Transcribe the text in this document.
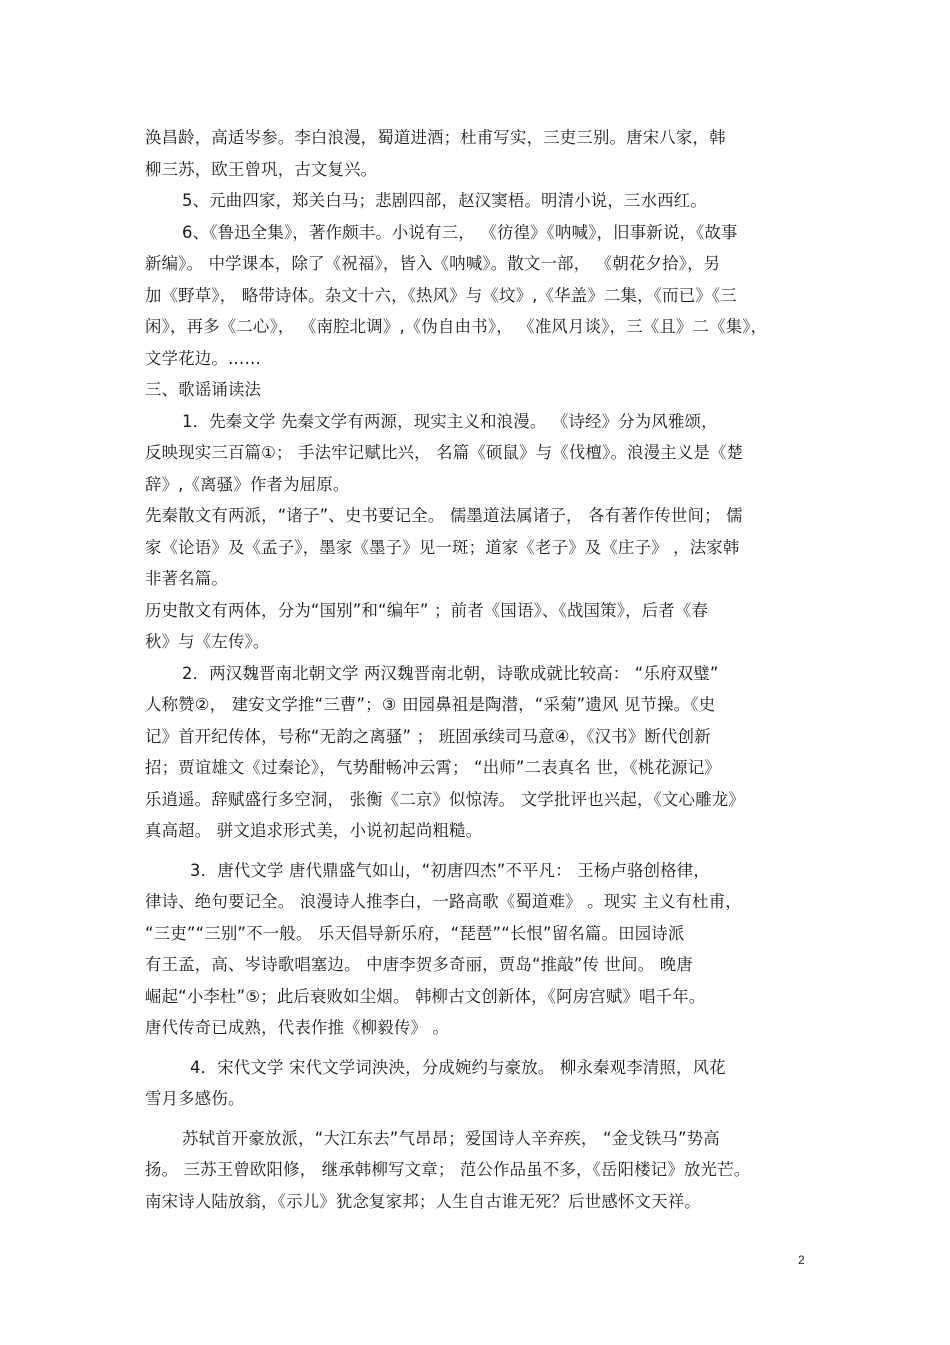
涣昌龄，高适岑参。李白浪漫，蜀道进酒；杜甫写实，三吏三别。唐宋八家，韩
柳三苏，欧王曾巩，古文复兴。
5、元曲四家，郑关白马；悲剧四部，赵汉窦梧。明清小说，三水西红。
6、《鲁迅全集》，著作颇丰。小说有三， 《彷徨》《呐喊》，旧事新说，《故事
新编》。 中学课本，除了《祝福》，皆入《呐喊》。散文一部， 《朝花夕拾》，另
加《野草》， 略带诗体。杂文十六，《热风》与《坟》,《华盖》二集，《而已》《三
闲》，再多《二心》， 《南腔北调》,《伪自由书》， 《准风月谈》，三《且》二《集》，
文学花边。……
三、歌谣诵读法
1．先秦文学 先秦文学有两源，现实主义和浪漫。 《诗经》分为风雅颂，
反映现实三百篇①； 手法牢记赋比兴， 名篇《硕鼠》与《伐檀》。浪漫主义是《楚
辞》,《离骚》作者为屈原。
先秦散文有两派，“诸子”、史书要记全。 儒墨道法属诸子， 各有著作传世间； 儒
家《论语》及《孟子》，墨家《墨子》见一斑；道家《老子》及《庄子》 ，法家韩
非著名篇。
历史散文有两体，分为“国别”和“编年” ；前者《国语》、《战国策》，后者《春
秋》与《左传》。
2．两汉魏晋南北朝文学 两汉魏晋南北朝，诗歌成就比较高： “乐府双璧”
人称赞②， 建安文学推“三曹”；③ 田园鼻祖是陶潜，“采菊”遗风 见节操。《史
记》首开纪传体，号称“无韵之离骚” ； 班固承续司马意④，《汉书》断代创新
招；贾谊雄文《过秦论》，气势酣畅冲云霄； “出师”二表真名 世，《桃花源记》
乐逍遥。辞赋盛行多空洞， 张衡《二京》似惊涛。 文学批评也兴起，《文心雕龙》
真高超。 骈文追求形式美，小说初起尚粗糙。
3．唐代文学 唐代鼎盛气如山，“初唐四杰”不平凡： 王杨卢骆创格律，
律诗、绝句要记全。 浪漫诗人推李白，一路高歌《蜀道难》 。现实 主义有杜甫，
“三吏”“三别”不一般。 乐天倡导新乐府，“琵琶”“长恨”留名篇。田园诗派
有王孟，高、岑诗歌唱塞边。 中唐李贺多奇丽，贾岛“推敲”传 世间。 晚唐
崛起“小李杜”⑤；此后衰败如尘烟。 韩柳古文创新体，《阿房宫赋》唱千年。
唐代传奇已成熟，代表作推《柳毅传》 。
4．宋代文学 宋代文学词泱泱，分成婉约与豪放。 柳永秦观李清照，风花
雪月多感伤。
苏轼首开豪放派，“大江东去”气昂昂；爱国诗人辛弃疾， “金戈铁马”势高
扬。 三苏王曾欧阳修， 继承韩柳写文章； 范公作品虽不多，《岳阳楼记》放光芒。
南宋诗人陆放翁，《示儿》犹念复家邦；人生自古谁无死？后世感怀文天祥。
2
